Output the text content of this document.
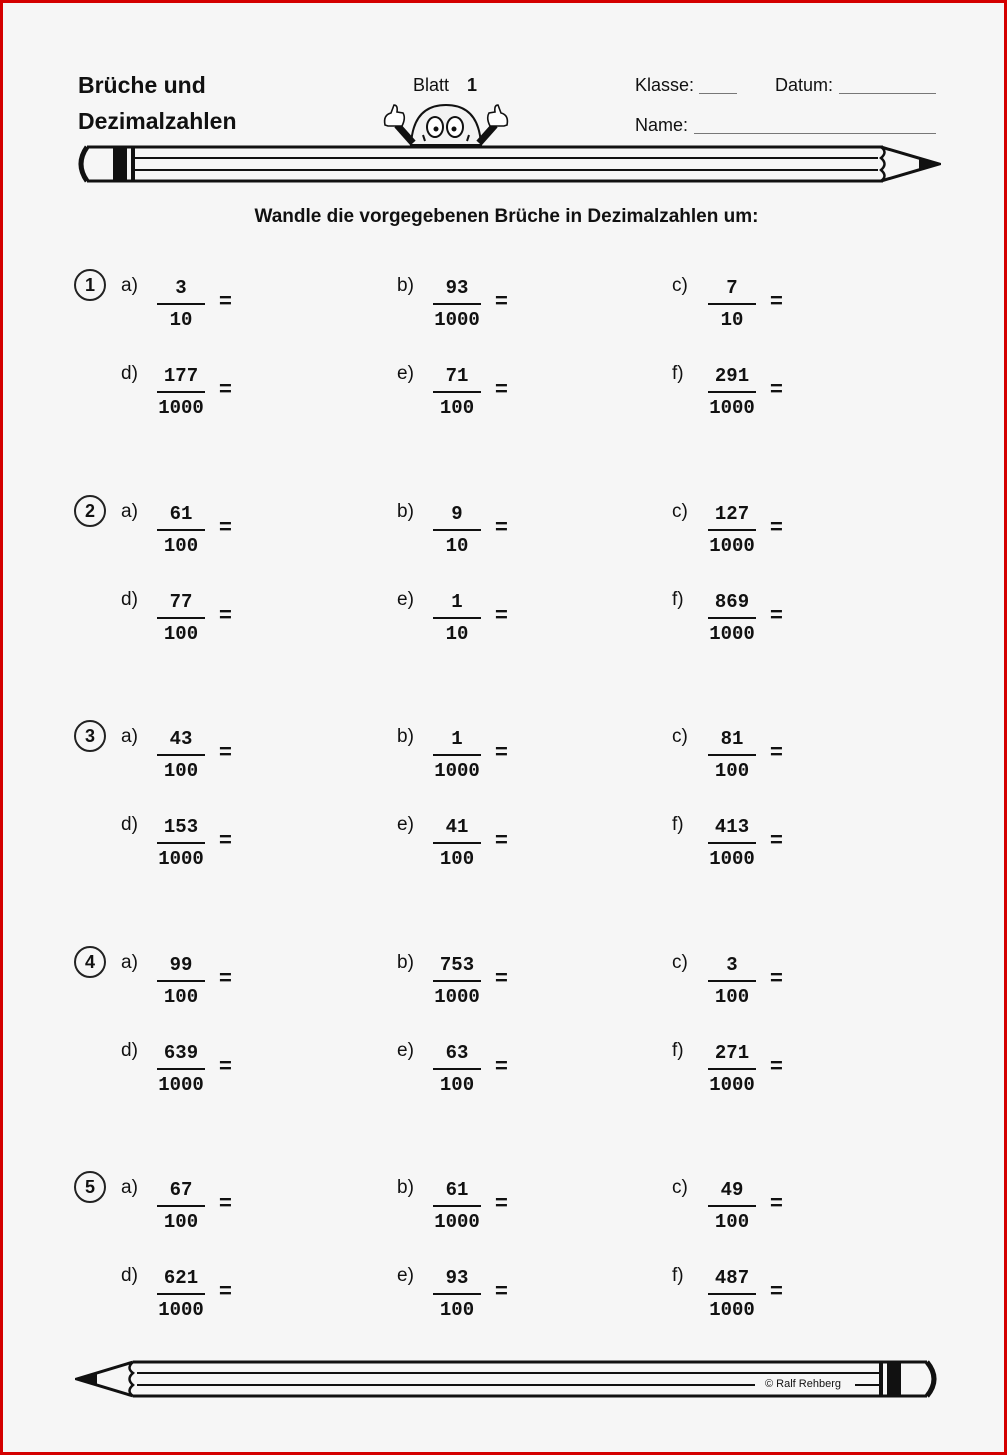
Brüche und
Dezimalzahlen
Blatt 1	Klasse:	Datum:
Name:
Wandle die vorgegebenen Brüche in Dezimalzahlen um:
1	a)	3
10
=
b)	93
1000
=
c)	7
10
=
d)	177
1000
=
e)	71
100
=
f)	291
1000
=
2	a)	61
100
=
b)	9
10
=
c)	127
1000
=
d)	77
100
=
e)	1
10
=
f)	869
1000
=
3	a)	43
100
=
b)	1
1000
=
c)	81
100
=
d)	153
1000
=
e)	41
100
=
f)	413
1000
=
4	a)	99
100
=
b)	753
1000
=
c)	3
100
=
d)	639
1000
=
e)	63
100
=
f)	271
1000
=
5	a)	67
100
=
b)	61
1000
=
c)	49
100
=
d)	621
1000
=
e)	93
100
=
f)	487
1000
=
© Ralf Rehberg
